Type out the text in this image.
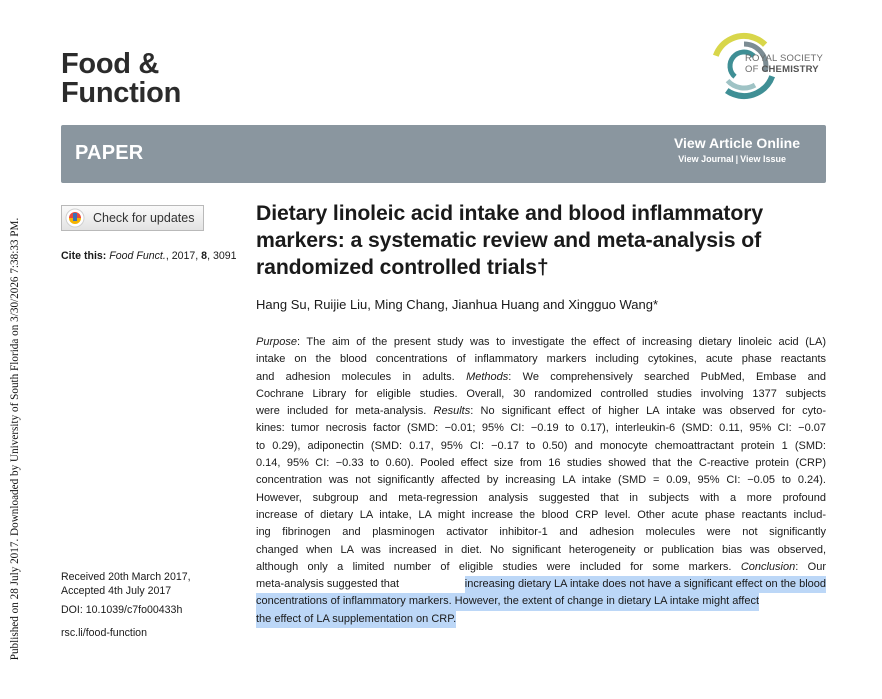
Published on 28 July 2017. Downloaded by University of South Florida on 3/30/2026 7:38:33 PM.
Food &
Function
ROYAL SOCIETY
OF CHEMISTRY
PAPER	View Article Online
View Journal | View Issue
Check for updates
Cite this: Food Funct., 2017, 8, 3091
Dietary linoleic acid intake and blood inflammatory markers: a systematic review and meta-analysis of randomized controlled trials†
Hang Su, Ruijie Liu, Ming Chang, Jianhua Huang and Xingguo Wang*
Purpose: The aim of the present study was to investigate the effect of increasing dietary linoleic acid (LA)
intake on the blood concentrations of inflammatory markers including cytokines, acute phase reactants
and adhesion molecules in adults. Methods: We comprehensively searched PubMed, Embase and
Cochrane Library for eligible studies. Overall, 30 randomized controlled studies involving 1377 subjects
were included for meta-analysis. Results: No significant effect of higher LA intake was observed for cyto-
kines: tumor necrosis factor (SMD: −0.01; 95% CI: −0.19 to 0.17), interleukin-6 (SMD: 0.11, 95% CI: −0.07
to 0.29), adiponectin (SMD: 0.17, 95% CI: −0.17 to 0.50) and monocyte chemoattractant protein 1 (SMD:
0.14, 95% CI: −0.33 to 0.60). Pooled effect size from 16 studies showed that the C-reactive protein (CRP)
concentration was not significantly affected by increasing LA intake (SMD = 0.09, 95% CI: −0.05 to 0.24).
However, subgroup and meta-regression analysis suggested that in subjects with a more profound
increase of dietary LA intake, LA might increase the blood CRP level. Other acute phase reactants includ-
ing fibrinogen and plasminogen activator inhibitor-1 and adhesion molecules were not significantly
changed when LA was increased in diet. No significant heterogeneity or publication bias was observed,
although only a limited number of eligible studies were included for some markers. Conclusion: Our
meta-analysis suggested that	increasing dietary LA intake does not have a significant effect on the blood
concentrations of inflammatory markers. However, the extent of change in dietary LA intake might affect
the effect of LA supplementation on CRP.
Received 20th March 2017,
Accepted 4th July 2017
DOI: 10.1039/c7fo00433h
rsc.li/food-function
